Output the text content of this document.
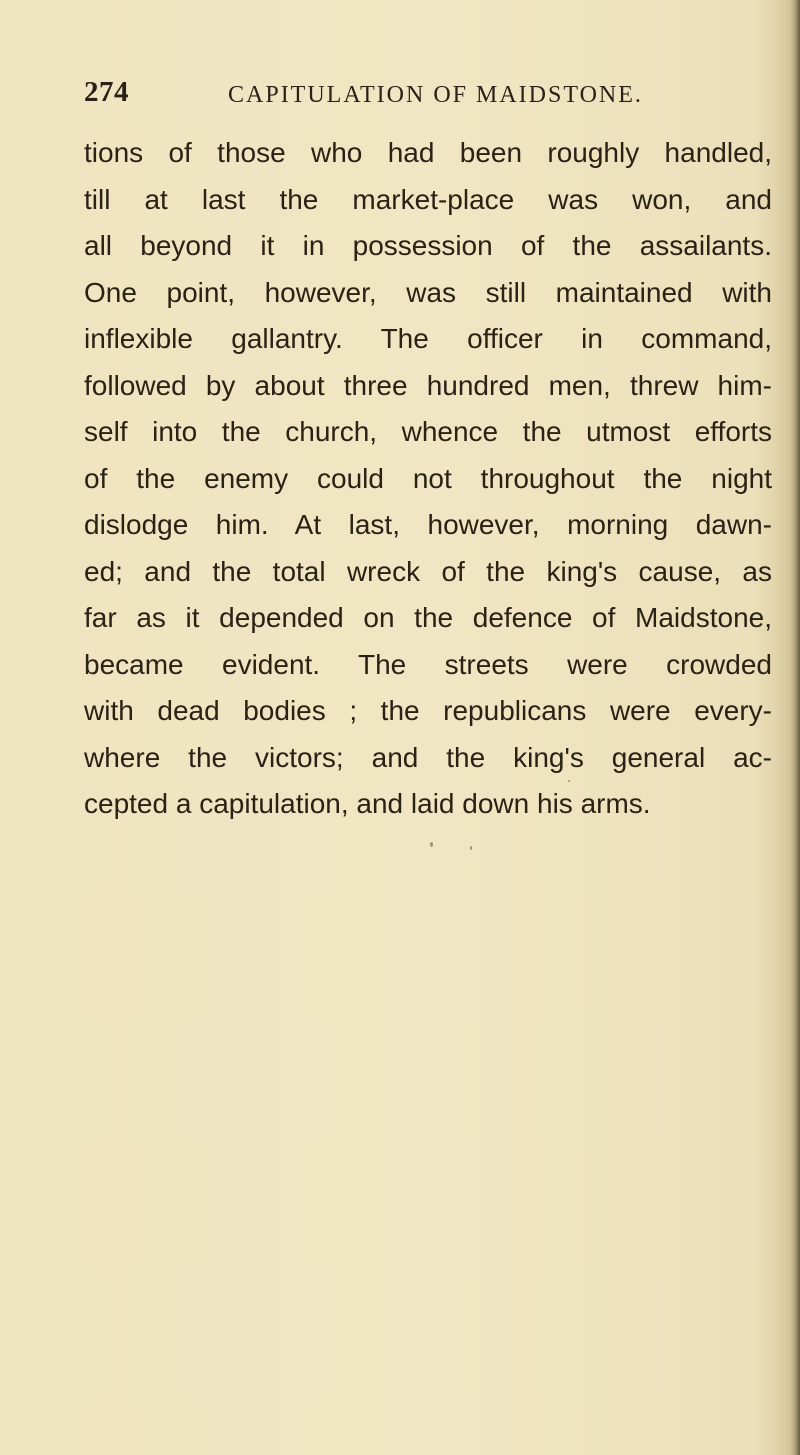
274	CAPITULATION OF MAIDSTONE.
tions of those who had been roughly handled,
till at last the market-place was won, and
all beyond it in possession of the assailants.
One point, however, was still maintained with
inflexible gallantry. The officer in command,
followed by about three hundred men, threw him-
self into the church, whence the utmost efforts
of the enemy could not throughout the night
dislodge him. At last, however, morning dawn-
ed; and the total wreck of the king's cause, as
far as it depended on the defence of Maidstone,
became evident. The streets were crowded
with dead bodies ; the republicans were every-
where the victors; and the king's general ac-
cepted a capitulation, and laid down his arms.
